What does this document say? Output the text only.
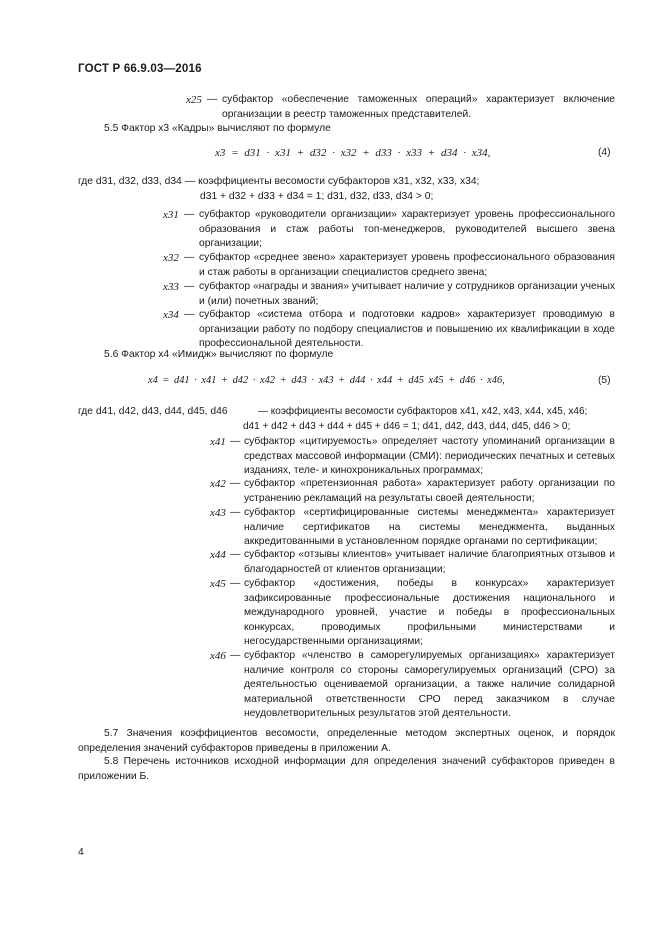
ГОСТ Р 66.9.03—2016
x25 — субфактор «обеспечение таможенных операций» характеризует включение организации в реестр таможенных представителей.
5.5 Фактор x3 «Кадры» вычисляют по формуле
x3 = d31 · x31 + d32 · x32 + d33 · x33 + d34 · x34,	(4)
где d31, d32, d33, d34 — коэффициенты весомости субфакторов x31, x32, x33, x34;
d31 + d32 + d33 + d34 = 1; d31, d32, d33, d34 > 0;
x31 — субфактор «руководители организации» характеризует уровень профессионального образования и стаж работы топ-менеджеров, руководителей высшего звена организации;
x32 — субфактор «среднее звено» характеризует уровень профессионального образования и стаж работы в организации специалистов среднего звена;
x33 — субфактор «награды и звания» учитывает наличие у сотрудников организации ученых и (или) почетных званий;
x34 — субфактор «система отбора и подготовки кадров» характеризует проводимую в организации работу по подбору специалистов и повышению их квалификации в ходе профессиональной деятельности.
5.6 Фактор x4 «Имидж» вычисляют по формуле
x4 = d41 · x41 + d42 · x42 + d43 · x43 + d44 · x44 + d45 x45 + d46 · x46,	(5)
где d41, d42, d43, d44, d45, d46	— коэффициенты весомости субфакторов x41, x42, x43, x44, x45, x46;
d41 + d42 + d43 + d44 + d45 + d46 = 1; d41, d42, d43, d44, d45, d46 > 0;
x41 — субфактор «цитируемость» определяет частоту упоминаний организации в средствах массовой информации (СМИ): периодических печатных и сетевых изданиях, теле- и кинохроникальных программах;
x42 — субфактор «претензионная работа» характеризует работу организации по устранению рекламаций на результаты своей деятельности;
x43 — субфактор «сертифицированные системы менеджмента» характеризует наличие сертификатов на системы менеджмента, выданных аккредитованными в установленном порядке органами по сертификации;
x44 — субфактор «отзывы клиентов» учитывает наличие благоприятных отзывов и благодарностей от клиентов организации;
x45 — субфактор «достижения, победы в конкурсах» характеризует зафиксированные профессиональные достижения национального и международного уровней, участие и победы в профессиональных конкурсах, проводимых профильными министерствами и негосударственными организациями;
x46 — субфактор «членство в саморегулируемых организациях» характеризует наличие контроля со стороны саморегулируемых организаций (СРО) за деятельностью оцениваемой организации, а также наличие солидарной материальной ответственности СРО перед заказчиком в случае неудовлетворительных результатов этой деятельности.
5.7 Значения коэффициентов весомости, определенные методом экспертных оценок, и порядок определения значений субфакторов приведены в приложении А.
5.8 Перечень источников исходной информации для определения значений субфакторов приведен в приложении Б.
4
